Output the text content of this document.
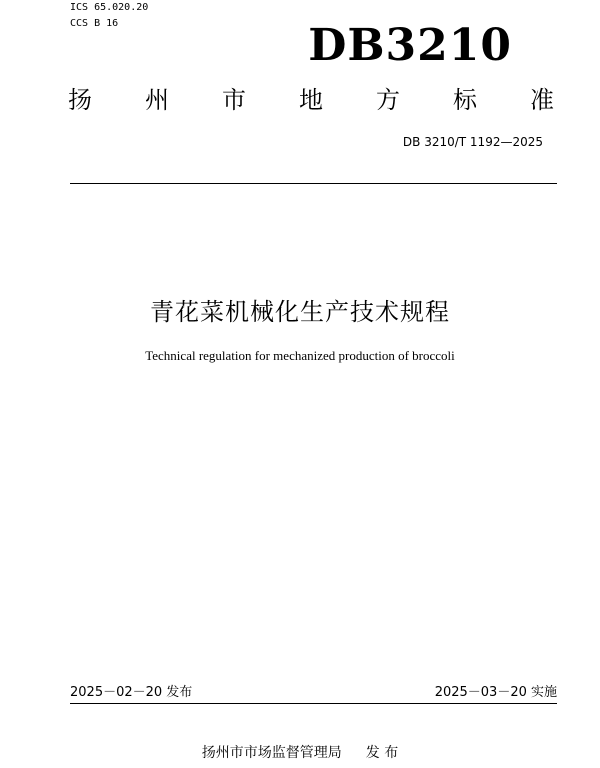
ICS 65.020.20
CCS B 16	DB3210
扬 州 市 地 方 标 准
DB 3210/T 1192—2025
青花菜机械化生产技术规程
Technical regulation for mechanized production of broccoli
2025－02－20 发布	2025－03－20 实施
扬州市市场监督管理局 发 布
